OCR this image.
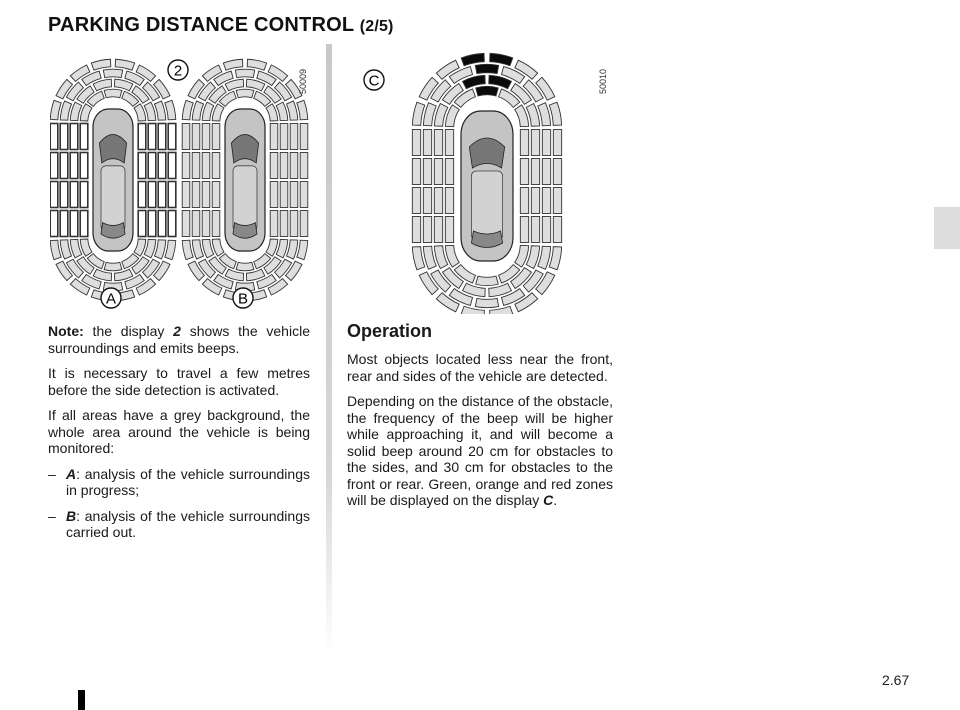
PARKING DISTANCE CONTROL (2/5)
2
A	B
50009	C	50010

Note: the display 2 shows the vehicle surroundings and emits beeps.

It is necessary to travel a few metres before the side detection is activated.

If all areas have a grey background, the whole area around the vehicle is being monitored:

– A: analysis of the vehicle surroundings in progress;
– B: analysis of the vehicle surroundings carried out.
Operation

Most objects located less near the front, rear and sides of the vehicle are detected.

Depending on the distance of the obstacle, the frequency of the beep will be higher while approaching it, and will become a solid beep around 20 cm for obstacles to the sides, and 30 cm for obstacles to the front or rear. Green, orange and red zones will be displayed on the display C.

2.67
